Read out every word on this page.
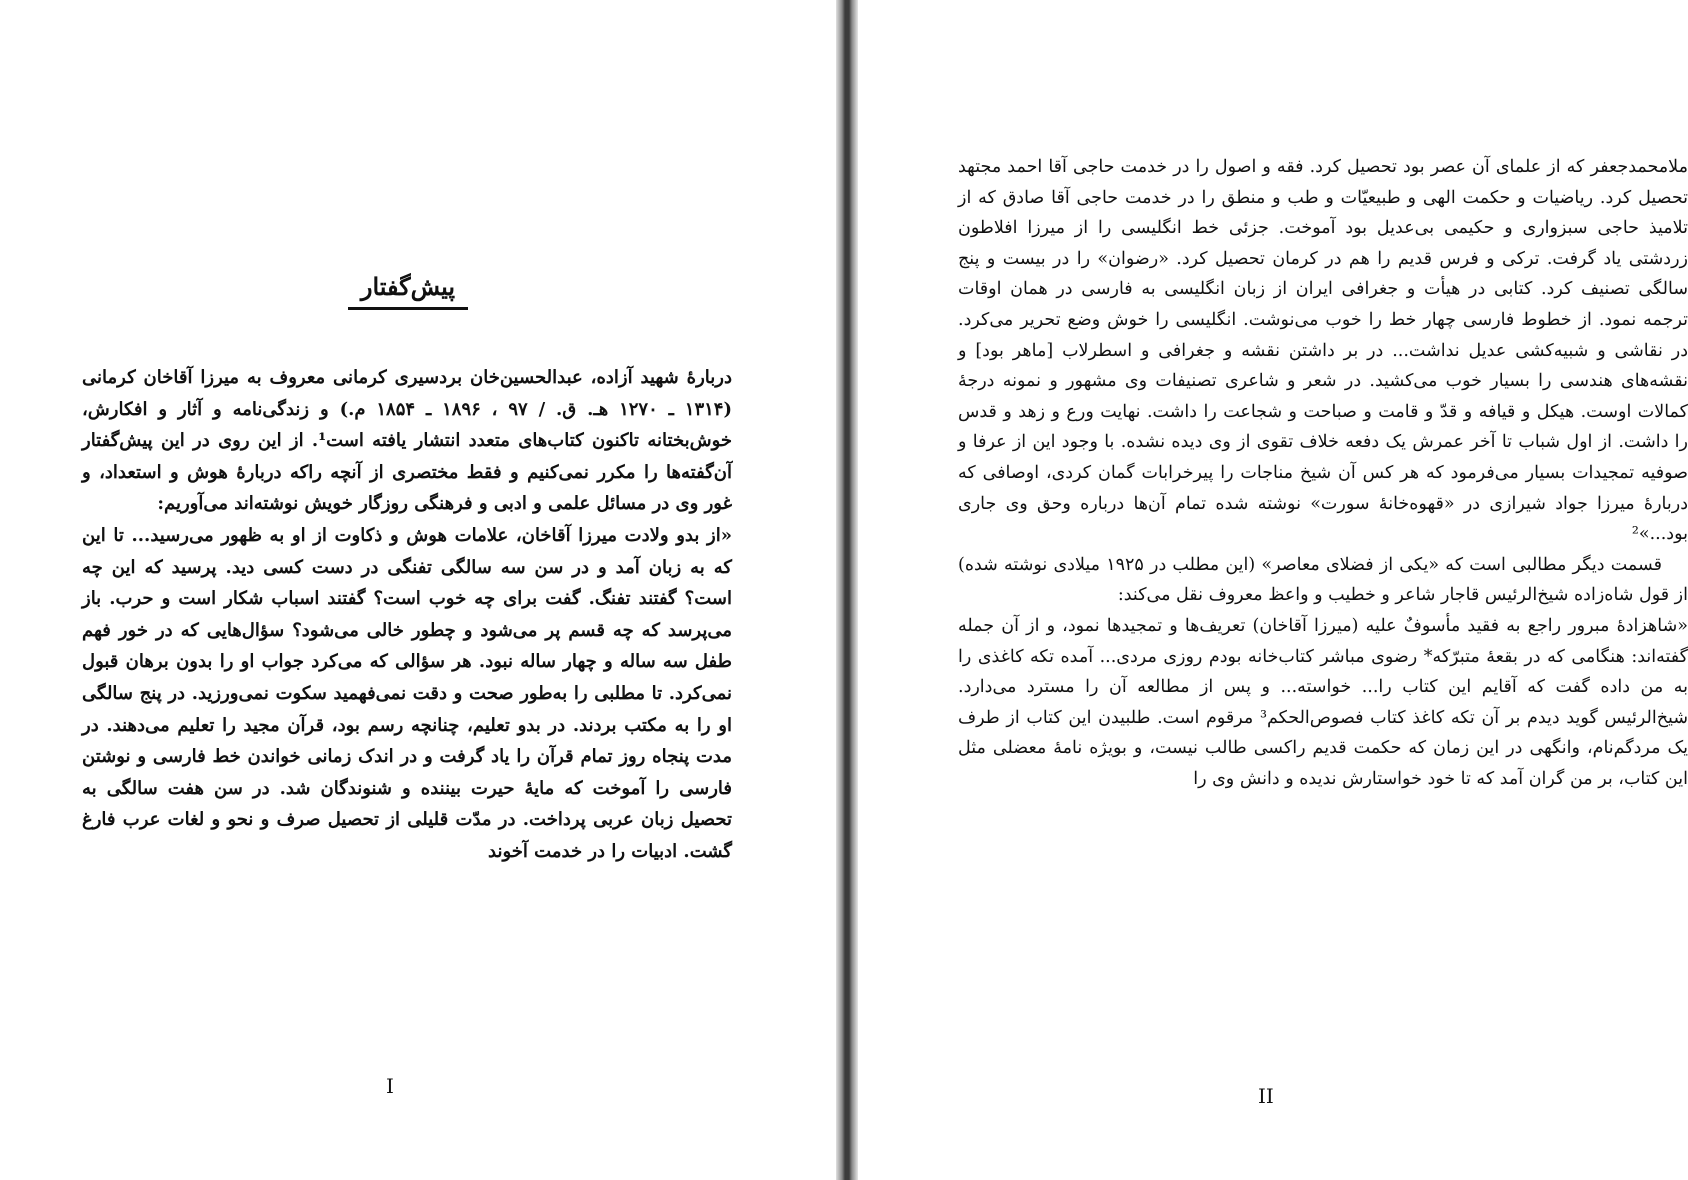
پیش‌گفتار

دربارهٔ شهید آزاده، عبدالحسین‌خان بردسیری کرمانی معروف به میرزا آقاخان کرمانی (۱۳۱۴ ـ ۱۲۷۰ هـ. ق. / ۹۷ ، ۱۸۹۶ ـ ۱۸۵۴ م.) و زندگی‌نامه و آثار و افکارش، خوش‌بختانه تاکنون کتاب‌های متعدد انتشار یافته است¹. از این روی در این پیش‌گفتار آن‌گفته‌ها را مکرر نمی‌کنیم و فقط مختصری از آنچه راکه دربارهٔ هوش و استعداد، و غور وی در مسائل علمی و ادبی و فرهنگی روزگار خویش نوشته‌اند می‌آوریم:

«از بدو ولادت میرزا آقاخان، علامات هوش و ذکاوت از او به ظهور می‌رسید... تا این که به زبان آمد و در سن سه سالگی تفنگی در دست کسی دید. پرسید که این چه است؟ گفتند تفنگ. گفت برای چه خوب است؟ گفتند اسباب شکار است و حرب. باز می‌پرسد که چه قسم پر می‌شود و چطور خالی می‌شود؟ سؤال‌هایی که در خور فهم طفل سه ساله و چهار ساله نبود. هر سؤالی که می‌کرد جواب او را بدون برهان قبول نمی‌کرد. تا مطلبی را به‌طور صحت و دقت نمی‌فهمید سکوت نمی‌ورزید. در پنج سالگی او را به مکتب بردند. در بدو تعلیم، چنانچه رسم بود، قرآن مجید را تعلیم می‌دهند. در مدت پنجاه روز تمام قرآن را یاد گرفت و در اندک زمانی خواندن خط فارسی و نوشتن فارسی را آموخت که مایهٔ حیرت بیننده و شنوندگان شد. در سن هفت سالگی به تحصیل زبان عربی پرداخت. در مدّت قلیلی از تحصیل صرف و نحو و لغات عرب فارغ گشت. ادبیات را در خدمت آخوند

I

ملامحمدجعفر که از علمای آن عصر بود تحصیل کرد. فقه و اصول را در خدمت حاجی آقا احمد مجتهد تحصیل کرد. ریاضیات و حکمت الهی و طبیعیّات و طب و منطق را در خدمت حاجی آقا صادق که از تلامیذ حاجی سبزواری و حکیمی بی‌عدیل بود آموخت. جزئی خط انگلیسی را از میرزا افلاطون زردشتی یاد گرفت. ترکی و فرس قدیم را هم در کرمان تحصیل کرد. «رضوان» را در بیست و پنج سالگی تصنیف کرد. کتابی در هیأت و جغرافی ایران از زبان انگلیسی به فارسی در همان اوقات ترجمه نمود. از خطوط فارسی چهار خط را خوب می‌نوشت. انگلیسی را خوش وضع تحریر می‌کرد. در نقاشی و شبیه‌کشی عدیل نداشت... در بر داشتن نقشه و جغرافی و اسطرلاب [ماهر بود] و نقشه‌های هندسی را بسیار خوب می‌کشید. در شعر و شاعری تصنیفات وی مشهور و نمونه درجهٔ کمالات اوست. هیکل و قیافه و قدّ و قامت و صباحت و شجاعت را داشت. نهایت ورع و زهد و قدس را داشت. از اول شباب تا آخر عمرش یک دفعه خلاف تقوی از وی دیده نشده. با وجود این از عرفا و صوفیه تمجیدات بسیار می‌فرمود که هر کس آن شیخ مناجات را پیرخرابات گمان کردی، اوصافی که دربارهٔ میرزا جواد شیرازی در «قهوه‌خانهٔ سورت» نوشته شده تمام آن‌ها درباره وحق وی جاری بود...»²

قسمت دیگر مطالبی است که «یکی از فضلای معاصر» (این مطلب در ۱۹۲۵ میلادی نوشته شده) از قول شاه‌زاده شیخ‌الرئیس قاجار شاعر و خطیب و واعظ معروف نقل می‌کند:

«شاهزادهٔ مبرور راجع به فقید مأسوفٌ علیه (میرزا آقاخان) تعریف‌ها و تمجیدها نمود، و از آن جمله گفته‌اند: هنگامی که در بقعهٔ متبرّکه* رضوی مباشر کتاب‌خانه بودم روزی مردی... آمده تکه کاغذی را به من داده گفت که آقایم این کتاب را... خواسته... و پس از مطالعه آن را مسترد می‌دارد. شیخ‌الرئیس گوید دیدم بر آن تکه کاغذ کتاب فصوص‌الحکم³ مرقوم است. طلبیدن این کتاب از طرف یک مردگم‌نام، وانگهی در این زمان که حکمت قدیم راکسی طالب نیست، و بویژه نامهٔ معضلی مثل این کتاب، بر من گران آمد که تا خود خواستارش ندیده و دانش وی را

II
